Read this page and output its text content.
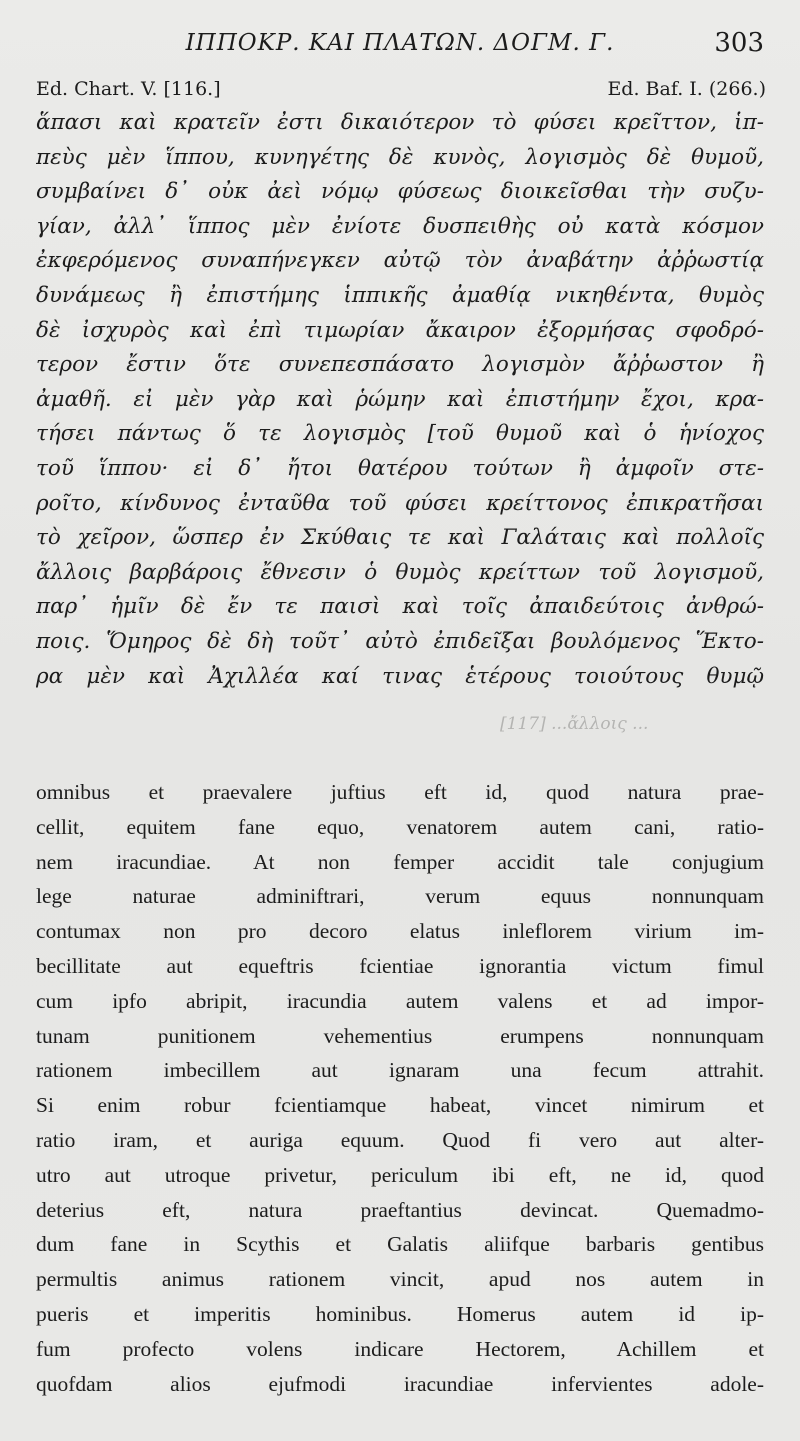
ΙΠΠΟΚΡ. ΚΑΙ ΠΛΑΤΩΝ. ΔΟΓΜ. Γ.	303
Ed. Chart. V. [116.]	Ed. Baf. I. (266.)
ἅπασι καὶ κρατεῖν ἐστι δικαιότερον τὸ φύσει κρεῖττον, ἱπ-
πεὺς μὲν ἵππου, κυνηγέτης δὲ κυνὸς, λογισμὸς δὲ θυμοῦ,
συμβαίνει δ᾽ οὐκ ἀεὶ νόμῳ φύσεως διοικεῖσθαι τὴν συζυ-
γίαν, ἀλλ᾽ ἵππος μὲν ἐνίοτε δυσπειθὴς οὐ κατὰ κόσμον
ἐκφερόμενος συναπήνεγκεν αὐτῷ τὸν ἀναβάτην ἀῤῥωστίᾳ
δυνάμεως ἢ ἐπιστήμης ἱππικῆς ἀμαθίᾳ νικηθέντα, θυμὸς
δὲ ἰσχυρὸς καὶ ἐπὶ τιμωρίαν ἄκαιρον ἐξορμήσας σφοδρό-
τερον ἔστιν ὅτε συνεπεσπάσατο λογισμὸν ἄῤῥωστον ἢ
ἀμαθῆ. εἰ μὲν γὰρ καὶ ῥώμην καὶ ἐπιστήμην ἔχοι, κρα-
τήσει πάντως ὅ τε λογισμὸς [τοῦ θυμοῦ καὶ ὁ ἡνίοχος
τοῦ ἵππου· εἰ δ᾽ ἤτοι θατέρου τούτων ἢ ἀμφοῖν στε-
ροῖτο, κίνδυνος ἐνταῦθα τοῦ φύσει κρείττονος ἐπικρατῆσαι
τὸ χεῖρον, ὥσπερ ἐν Σκύθαις τε καὶ Γαλάταις καὶ πολλοῖς
ἄλλοις βαρβάροις ἔθνεσιν ὁ θυμὸς κρείττων τοῦ λογισμοῦ,
παρ᾽ ἡμῖν δὲ ἔν τε παισὶ καὶ τοῖς ἀπαιδεύτοις ἀνθρώ-
ποις. Ὅμηρος δὲ δὴ τοῦτ᾽ αὐτὸ ἐπιδεῖξαι βουλόμενος Ἕκτο-
ρα μὲν καὶ Ἀχιλλέα καί τινας ἑτέρους τοιούτους θυμῷ
[117] ...ἄλλοις ...
omnibus et praevalere juftius eft id, quod natura prae-
cellit, equitem fane equo, venatorem autem cani, ratio-
nem iracundiae. At non femper accidit tale conjugium
lege naturae adminiftrari, verum equus nonnunquam
contumax non pro decoro elatus inleflorem virium im-
becillitate aut equeftris fcientiae ignorantia victum fimul
cum ipfo abripit, iracundia autem valens et ad impor-
tunam punitionem vehementius erumpens nonnunquam
rationem imbecillem aut ignaram una fecum attrahit.
Si enim robur fcientiamque habeat, vincet nimirum et
ratio iram, et auriga equum. Quod fi vero aut alter-
utro aut utroque privetur, periculum ibi eft, ne id, quod
deterius eft, natura praeftantius devincat. Quemadmo-
dum fane in Scythis et Galatis aliifque barbaris gentibus
permultis animus rationem vincit, apud nos autem in
pueris et imperitis hominibus. Homerus autem id ip-
fum profecto volens indicare Hectorem, Achillem et
quofdam alios ejufmodi iracundiae infervientes adole-
